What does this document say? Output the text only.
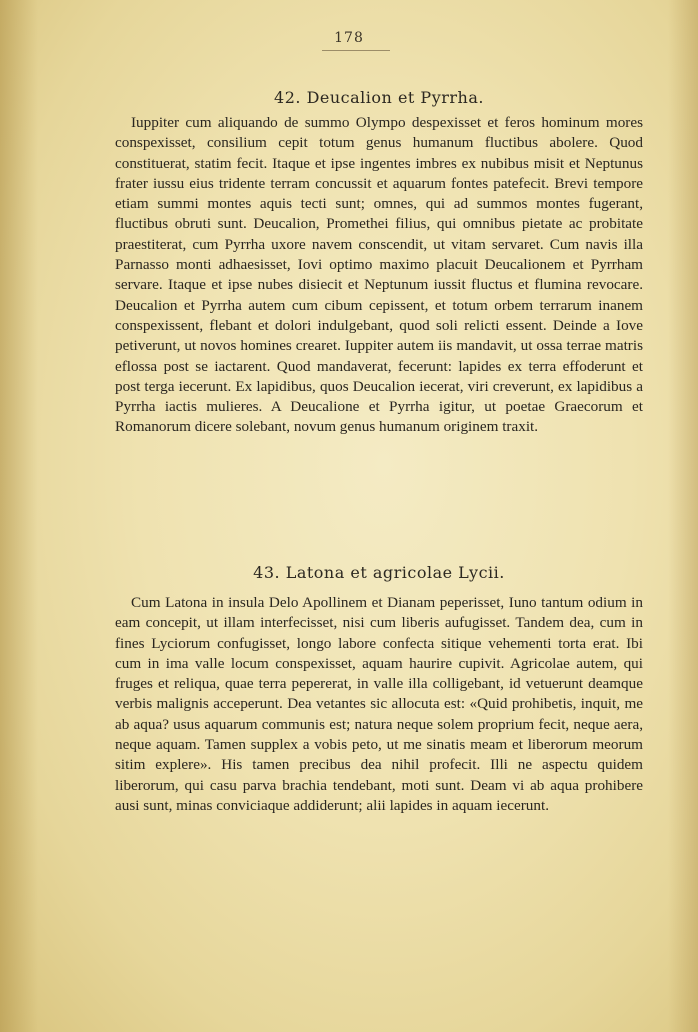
178
42. Deucalion et Pyrrha.
Iuppiter cum aliquando de summo Olympo despexisset et feros hominum mores conspexisset, consilium cepit totum genus humanum fluctibus abolere. Quod constituerat, statim fecit. Itaque et ipse ingentes imbres ex nubibus misit et Neptunus frater iussu eius tridente terram concussit et aquarum fontes patefecit. Brevi tempore etiam summi montes aquis tecti sunt; omnes, qui ad summos montes fugerant, fluctibus obruti sunt. Deucalion, Promethei filius, qui omnibus pietate ac probitate praestiterat, cum Pyrrha uxore navem conscendit, ut vitam servaret. Cum navis illa Parnasso monti adhaesisset, Iovi optimo maximo placuit Deucalionem et Pyrrham servare. Itaque et ipse nubes disiecit et Neptunum iussit fluctus et flumina revocare. Deucalion et Pyrrha autem cum cibum cepissent, et totum orbem terrarum inanem conspexissent, flebant et dolori indulgebant, quod soli relicti essent. Deinde a Iove petiverunt, ut novos homines crearet. Iuppiter autem iis mandavit, ut ossa terrae matris eflossa post se iactarent. Quod mandaverat, fecerunt: lapides ex terra effoderunt et post terga iecerunt. Ex lapidibus, quos Deucalion iecerat, viri creverunt, ex lapidibus a Pyrrha iactis mulieres. A Deucalione et Pyrrha igitur, ut poetae Graecorum et Romanorum dicere solebant, novum genus humanum originem traxit.
43. Latona et agricolae Lycii.
Cum Latona in insula Delo Apollinem et Dianam peperisset, Iuno tantum odium in eam concepit, ut illam interfecisset, nisi cum liberis aufugisset. Tandem dea, cum in fines Lyciorum confugisset, longo labore confecta sitique vehementi torta erat. Ibi cum in ima valle locum conspexisset, aquam haurire cupivit. Agricolae autem, qui fruges et reliqua, quae terra pepererat, in valle illa colligebant, id vetuerunt deamque verbis malignis acceperunt. Dea vetantes sic allocuta est: «Quid prohibetis, inquit, me ab aqua? usus aquarum communis est; natura neque solem proprium fecit, neque aera, neque aquam. Tamen supplex a vobis peto, ut me sinatis meam et liberorum meorum sitim explere». His tamen precibus dea nihil profecit. Illi ne aspectu quidem liberorum, qui casu parva brachia tendebant, moti sunt. Deam vi ab aqua prohibere ausi sunt, minas conviciaque addiderunt; alii lapides in aquam iecerunt.
